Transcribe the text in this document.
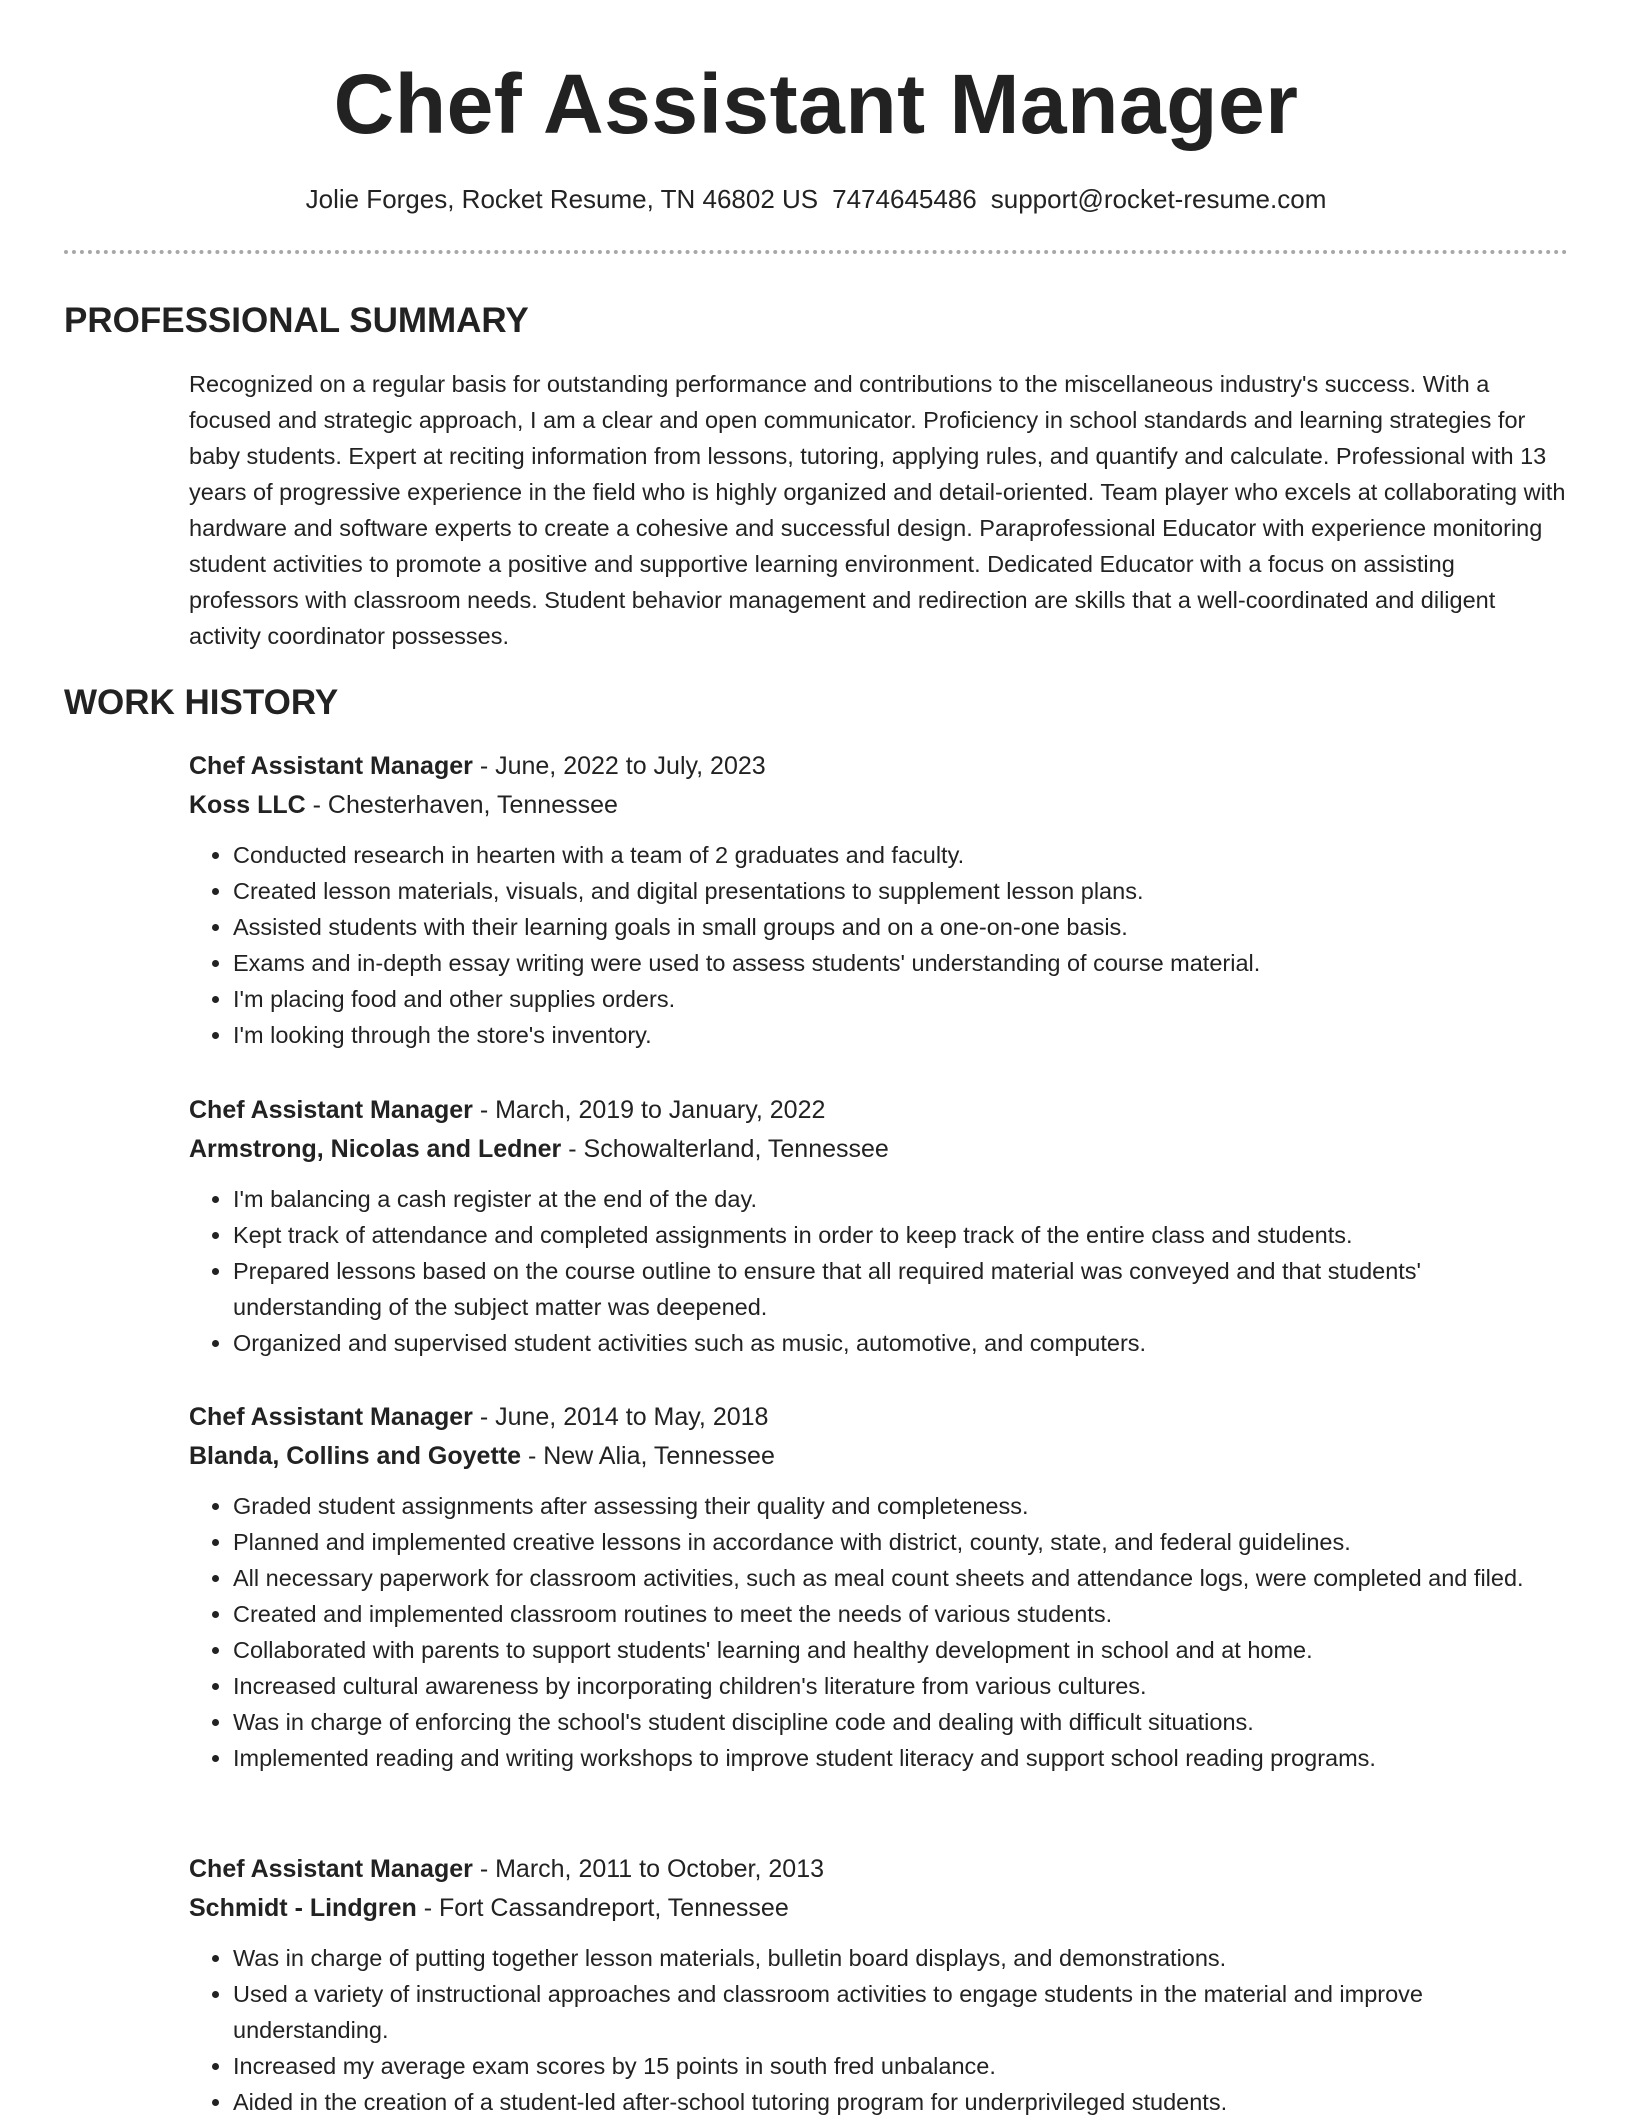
Chef Assistant Manager
Jolie Forges, Rocket Resume, TN 46802 US 7474645486 support@rocket-resume.com
PROFESSIONAL SUMMARY

Recognized on a regular basis for outstanding performance and contributions to the miscellaneous industry's success. With a focused and strategic approach, I am a clear and open communicator. Proficiency in school standards and learning strategies for baby students. Expert at reciting information from lessons, tutoring, applying rules, and quantify and calculate. Professional with 13 years of progressive experience in the field who is highly organized and detail-oriented. Team player who excels at collaborating with hardware and software experts to create a cohesive and successful design. Paraprofessional Educator with experience monitoring student activities to promote a positive and supportive learning environment. Dedicated Educator with a focus on assisting professors with classroom needs. Student behavior management and redirection are skills that a well-coordinated and diligent activity coordinator possesses.

WORK HISTORY
Chef Assistant Manager - June, 2022 to July, 2023
Koss LLC - Chesterhaven, Tennessee
• Conducted research in hearten with a team of 2 graduates and faculty.
• Created lesson materials, visuals, and digital presentations to supplement lesson plans.
• Assisted students with their learning goals in small groups and on a one-on-one basis.
• Exams and in-depth essay writing were used to assess students' understanding of course material.
• I'm placing food and other supplies orders.
• I'm looking through the store's inventory.
Chef Assistant Manager - March, 2019 to January, 2022
Armstrong, Nicolas and Ledner - Schowalterland, Tennessee
• I'm balancing a cash register at the end of the day.
• Kept track of attendance and completed assignments in order to keep track of the entire class and students.
• Prepared lessons based on the course outline to ensure that all required material was conveyed and that students' understanding of the subject matter was deepened.
• Organized and supervised student activities such as music, automotive, and computers.
Chef Assistant Manager - June, 2014 to May, 2018
Blanda, Collins and Goyette - New Alia, Tennessee
• Graded student assignments after assessing their quality and completeness.
• Planned and implemented creative lessons in accordance with district, county, state, and federal guidelines.
• All necessary paperwork for classroom activities, such as meal count sheets and attendance logs, were completed and filed.
• Created and implemented classroom routines to meet the needs of various students.
• Collaborated with parents to support students' learning and healthy development in school and at home.
• Increased cultural awareness by incorporating children's literature from various cultures.
• Was in charge of enforcing the school's student discipline code and dealing with difficult situations.
• Implemented reading and writing workshops to improve student literacy and support school reading programs.
Chef Assistant Manager - March, 2011 to October, 2013
Schmidt - Lindgren - Fort Cassandreport, Tennessee
• Was in charge of putting together lesson materials, bulletin board displays, and demonstrations.
• Used a variety of instructional approaches and classroom activities to engage students in the material and improve understanding.
• Increased my average exam scores by 15 points in south fred unbalance.
• Aided in the creation of a student-led after-school tutoring program for underprivileged students.
